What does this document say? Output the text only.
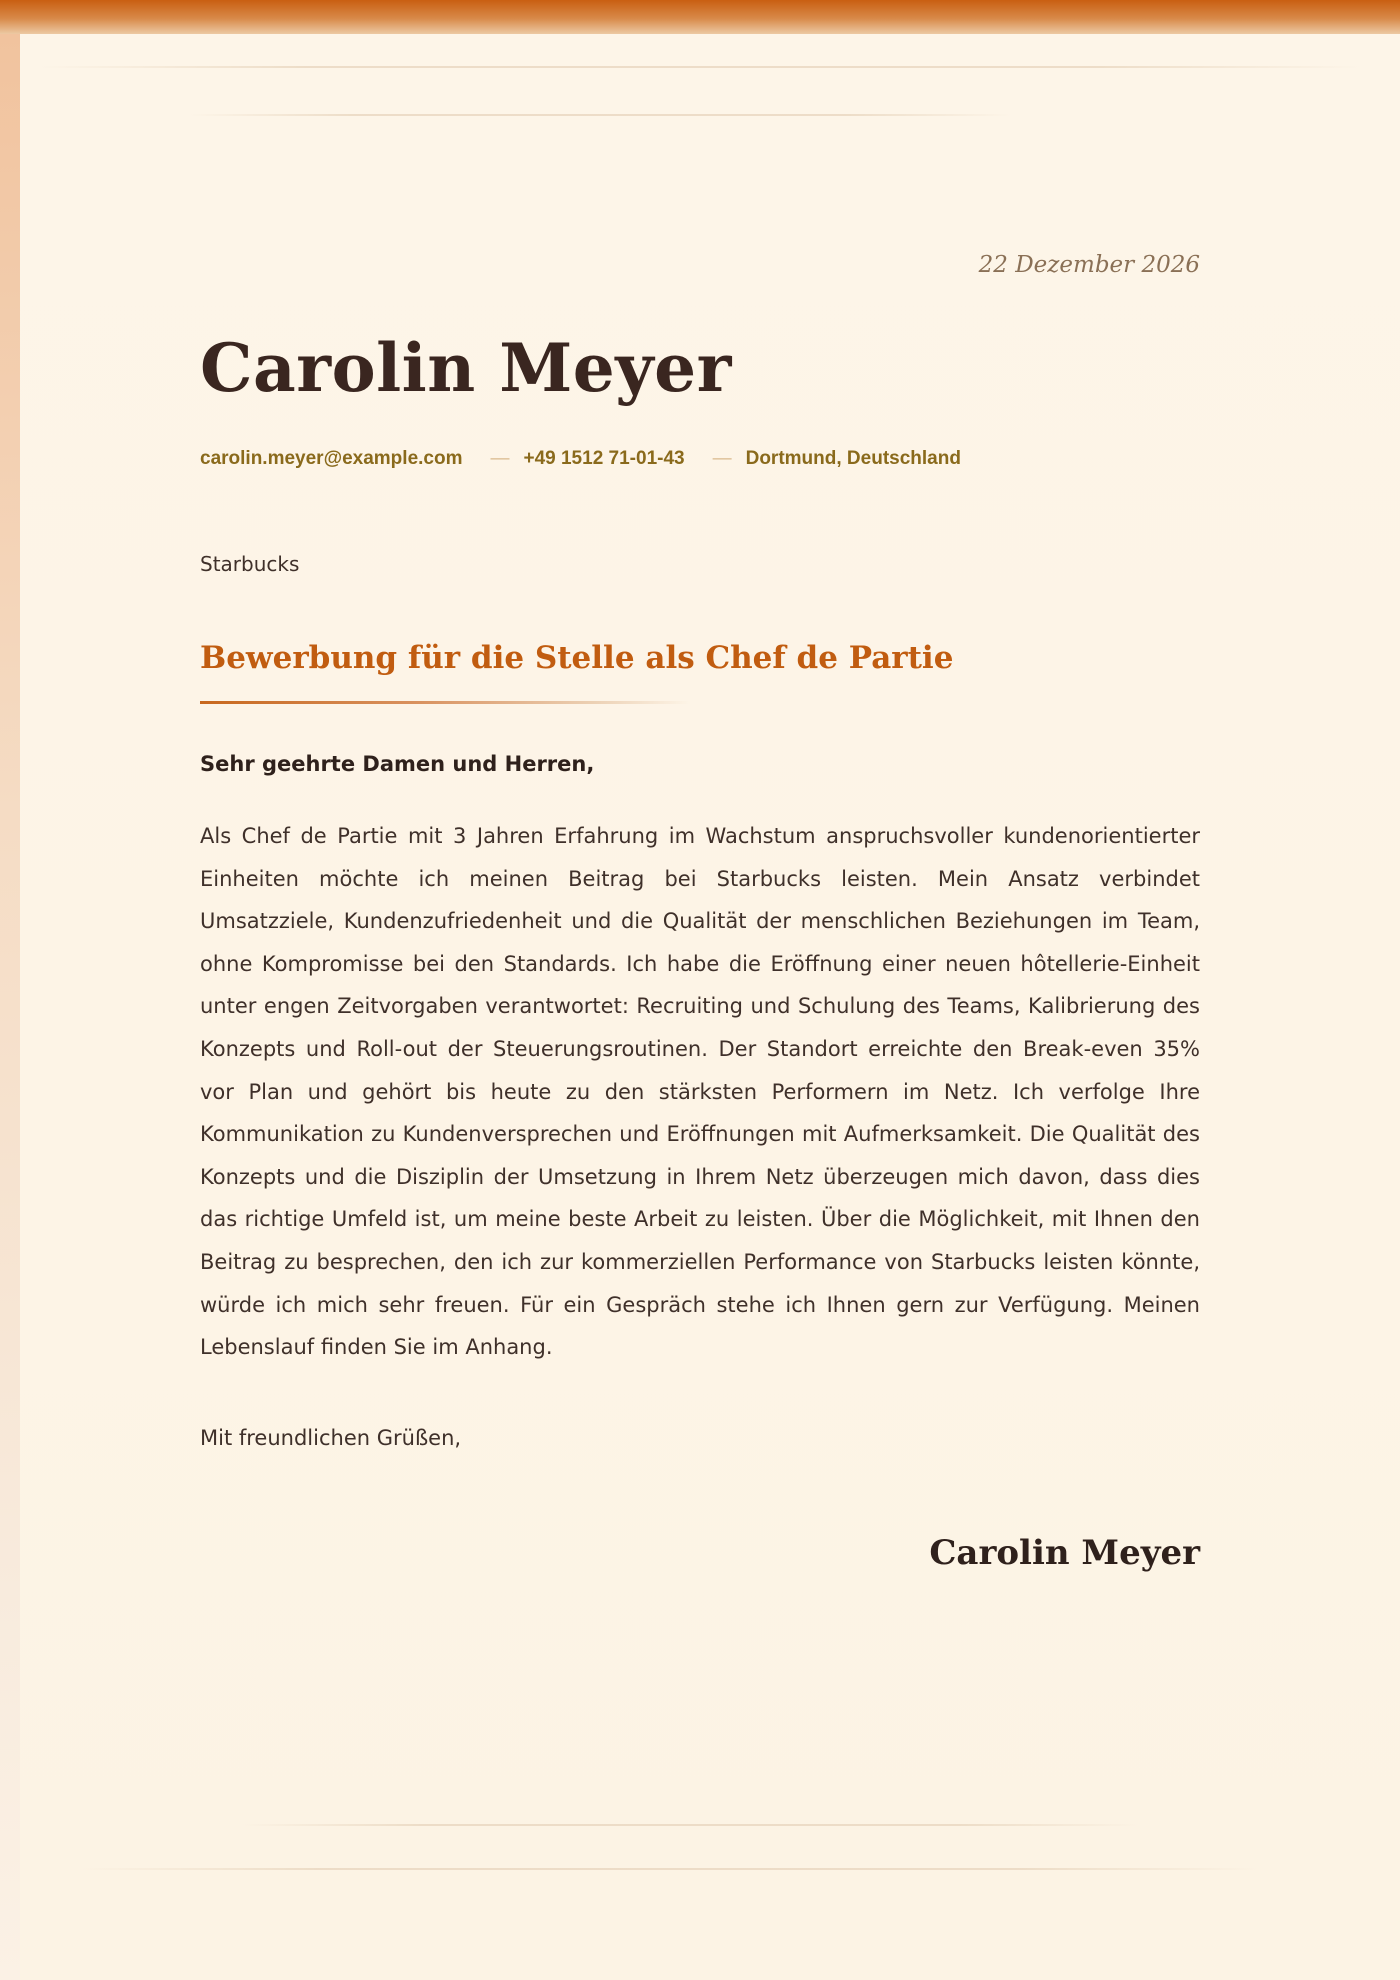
22 Dezember 2026
Carolin Meyer
carolin.meyer@example.com — +49 1512 71-01-43 — Dortmund, Deutschland
Starbucks
Bewerbung für die Stelle als Chef de Partie
Sehr geehrte Damen und Herren,
Als Chef de Partie mit 3 Jahren Erfahrung im Wachstum anspruchsvoller kundenorientierter Einheiten möchte ich meinen Beitrag bei Starbucks leisten. Mein Ansatz verbindet Umsatzziele, Kundenzufriedenheit und die Qualität der menschlichen Beziehungen im Team, ohne Kompromisse bei den Standards. Ich habe die Eröffnung einer neuen hôtellerie-Einheit unter engen Zeitvorgaben verantwortet: Recruiting und Schulung des Teams, Kalibrierung des Konzepts und Roll-out der Steuerungsroutinen. Der Standort erreichte den Break-even 35% vor Plan und gehört bis heute zu den stärksten Performern im Netz. Ich verfolge Ihre Kommunikation zu Kundenversprechen und Eröffnungen mit Aufmerksamkeit. Die Qualität des Konzepts und die Disziplin der Umsetzung in Ihrem Netz überzeugen mich davon, dass dies das richtige Umfeld ist, um meine beste Arbeit zu leisten. Über die Möglichkeit, mit Ihnen den Beitrag zu besprechen, den ich zur kommerziellen Performance von Starbucks leisten könnte, würde ich mich sehr freuen. Für ein Gespräch stehe ich Ihnen gern zur Verfügung. Meinen Lebenslauf finden Sie im Anhang.
Mit freundlichen Grüßen,
Carolin Meyer
